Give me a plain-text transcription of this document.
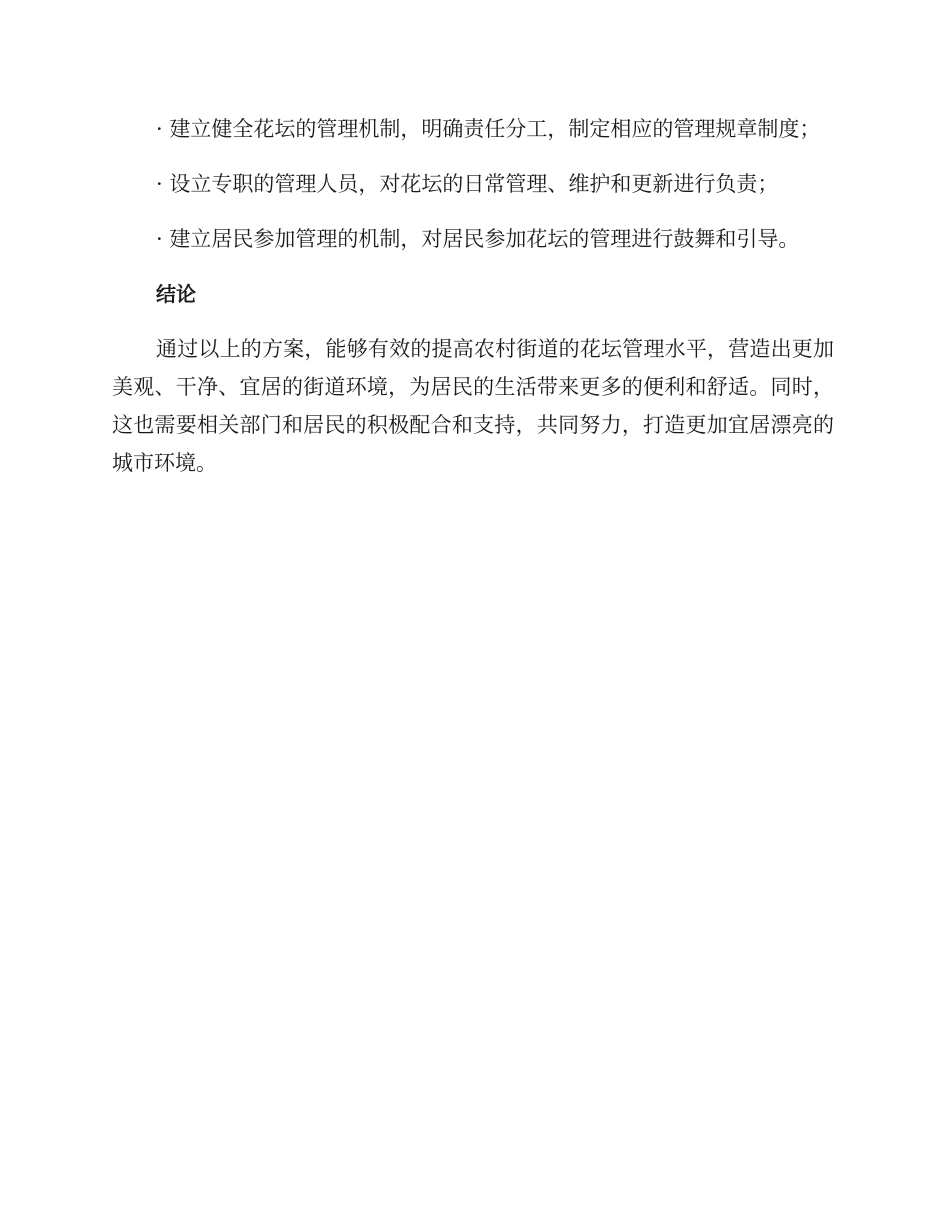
· 建立健全花坛的管理机制，明确责任分工，制定相应的管理规章制度；

· 设立专职的管理人员，对花坛的日常管理、维护和更新进行负责；

· 建立居民参加管理的机制，对居民参加花坛的管理进行鼓舞和引导。

结论

通过以上的方案，能够有效的提高农村街道的花坛管理水平，营造出更加美观、干净、宜居的街道环境，为居民的生活带来更多的便利和舒适。同时，这也需要相关部门和居民的积极配合和支持，共同努力，打造更加宜居漂亮的城市环境。
